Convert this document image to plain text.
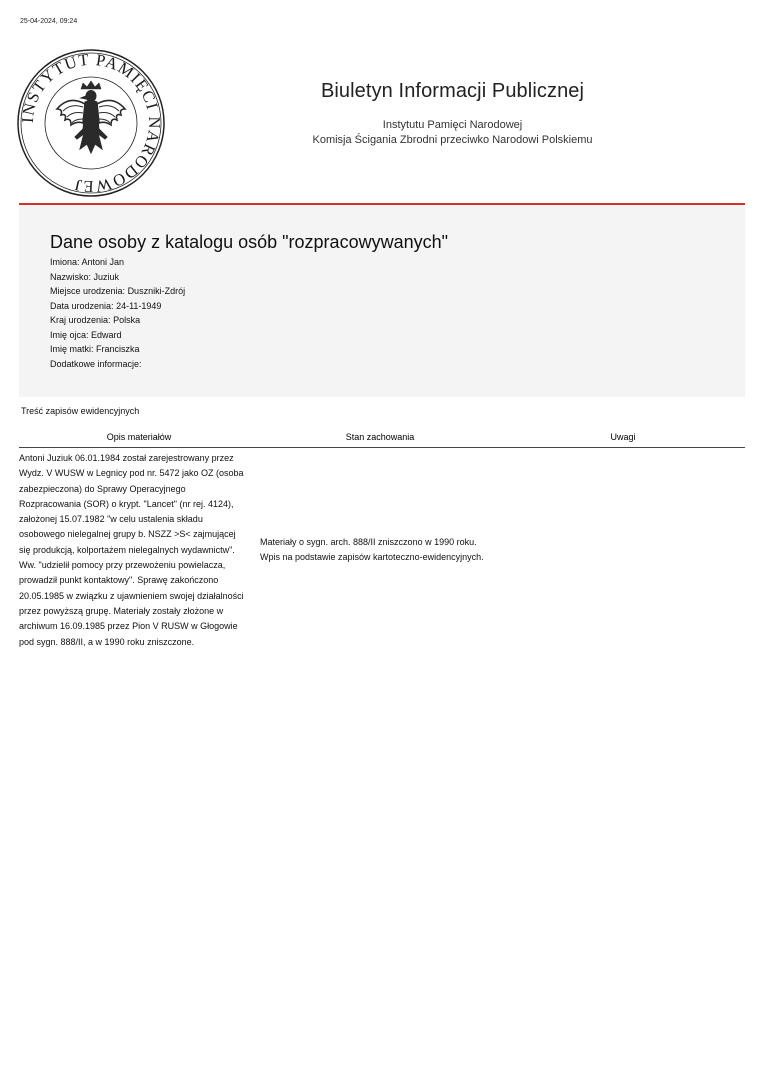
25-04-2024, 09:24
INSTYTUT PAMIĘCI NARODOWEJ
Biuletyn Informacji Publicznej
Instytutu Pamięci Narodowej
Komisja Ścigania Zbrodni przeciwko Narodowi Polskiemu
Dane osoby z katalogu osób "rozpracowywanych"
Imiona: Antoni Jan
Nazwisko: Juziuk
Miejsce urodzenia: Duszniki-Zdrój
Data urodzenia: 24-11-1949
Kraj urodzenia: Polska
Imię ojca: Edward
Imię matki: Franciszka
Dodatkowe informacje:
Treść zapisów ewidencyjnych
Opis materiałów	Stan zachowania	Uwagi
Antoni Juziuk 06.01.1984 został zarejestrowany przez Wydz. V WUSW w Legnicy pod nr. 5472 jako OZ (osoba zabezpieczona) do Sprawy Operacyjnego Rozpracowania (SOR) o krypt. "Lancet" (nr rej. 4124), założonej 15.07.1982 "w celu ustalenia składu osobowego nielegalnej grupy b. NSZZ >S< zajmującej się produkcją, kolportażem nielegalnych wydawnictw". Ww. "udzielił pomocy przy przewożeniu powielacza, prowadził punkt kontaktowy". Sprawę zakończono 20.05.1985 w związku z ujawnieniem swojej działalności przez powyższą grupę. Materiały zostały złożone w archiwum 16.09.1985 przez Pion V RUSW w Głogowie pod sygn. 888/II, a w 1990 roku zniszczone.
Materiały o sygn. arch. 888/II zniszczono w 1990 roku. Wpis na podstawie zapisów kartoteczno-ewidencyjnych.
